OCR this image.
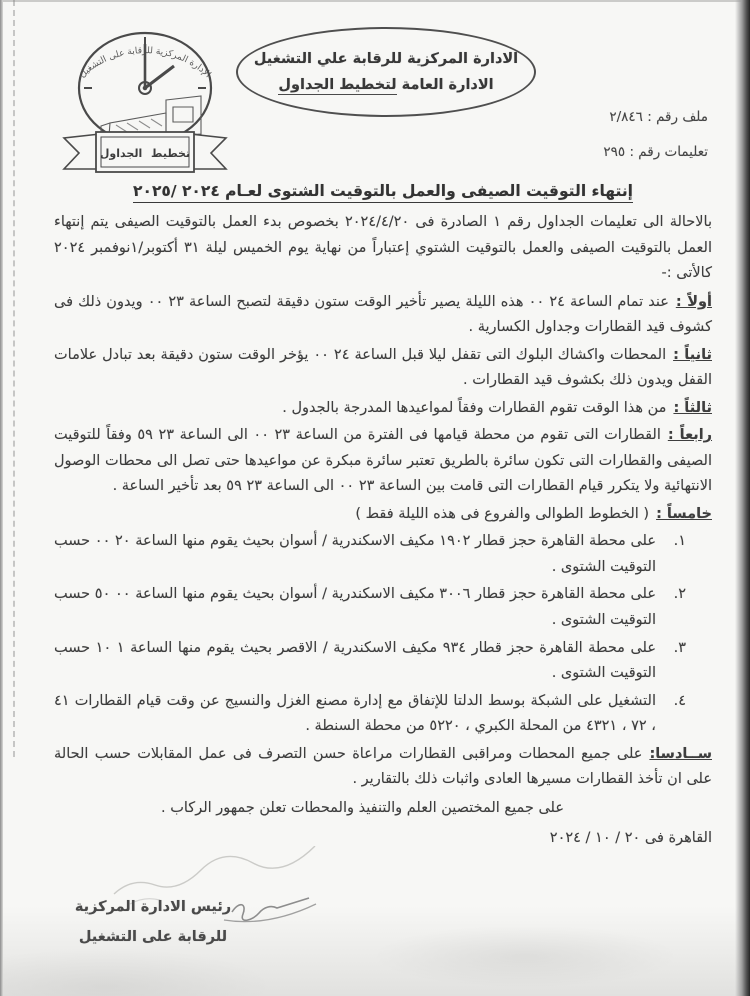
الإدارة المركزية للرقابة على التشغيل
تخطيط الجداول
الادارة المركزية للرقابة علي التشغيل
الادارة العامة لتخطيط الجداول
ملف رقم : ٢/٨٤٦
تعليمات رقم : ٢٩٥
إنتهاء التوقيت الصيفى والعمل بالتوقيت الشتوى لعـام ٢٠٢٤ /٢٠٢٥
بالاحالة الى تعليمات الجداول رقم ١ الصادرة فى ٢٠٢٤/٤/٢٠ بخصوص بدء العمل بالتوقيت الصيفى يتم إنتهاء العمل بالتوقيت الصيفى والعمل بالتوقيت الشتوي إعتباراً من نهاية يوم الخميس ليلة ٣١ أكتوبر/١نوفمبر ٢٠٢٤ كالأتى :-
أولاً :عند تمام الساعة ٢٤ ٠٠ هذه الليلة يصير تأخير الوقت ستون دقيقة لتصبح الساعة ٢٣ ٠٠ ويدون ذلك فى كشوف قيد القطارات وجداول الكسارية .
ثانياً :المحطات واكشاك البلوك التى تقفل ليلا قبل الساعة ٢٤ ٠٠ يؤخر الوقت ستون دقيقة بعد تبادل علامات القفل ويدون ذلك بكشوف قيد القطارات .
ثالثاً :من هذا الوقت تقوم القطارات وفقاً لمواعيدها المدرجة بالجدول .
رابعاً :القطارات التى تقوم من محطة قيامها فى الفترة من الساعة ٢٣ ٠٠ الى الساعة ٢٣ ٥٩ وفقاً للتوقيت الصيفى والقطارات التى تكون سائرة بالطريق تعتبر سائرة مبكرة عن مواعيدها حتى تصل الى محطات الوصول الانتهائية ولا يتكرر قيام القطارات التى قامت بين الساعة ٢٣ ٠٠ الى الساعة ٢٣ ٥٩ بعد تأخير الساعة .
خامساً :( الخطوط الطوالى والفروع فى هذه الليلة فقط )
١.
على محطة القاهرة حجز قطار ١٩٠٢ مكيف الاسكندرية / أسوان بحيث يقوم منها الساعة ٢٠ ٠٠ حسب التوقيت الشتوى .
٢.
على محطة القاهرة حجز قطار ٣٠٠٦ مكيف الاسكندرية / أسوان بحيث يقوم منها الساعة ٠٠ ٥٠ حسب التوقيت الشتوى .
٣.
على محطة القاهرة حجز قطار ٩٣٤ مكيف الاسكندرية / الاقصر بحيث يقوم منها الساعة ١ ١٠ حسب التوقيت الشتوى .
٤.
التشغيل على الشبكة بوسط الدلتا للإتفاق مع إدارة مصنع الغزل والنسيج عن وقت قيام القطارات ٤١ ، ٧٢ ، ٤٣٢١ من المحلة الكبري ، ٥٢٢٠ من محطة السنطة .
ســادسا:على جميع المحطات ومراقبى القطارات مراعاة حسن التصرف فى عمل المقابلات حسب الحالة على ان تأخذ القطارات مسيرها العادى واثبات ذلك بالتقارير .
على جميع المختصين العلم والتنفيذ والمحطات تعلن جمهور الركاب .
القاهرة فى ٢٠ / ١٠ / ٢٠٢٤
رئيس الادارة المركزية
للرقابة على التشغيل
